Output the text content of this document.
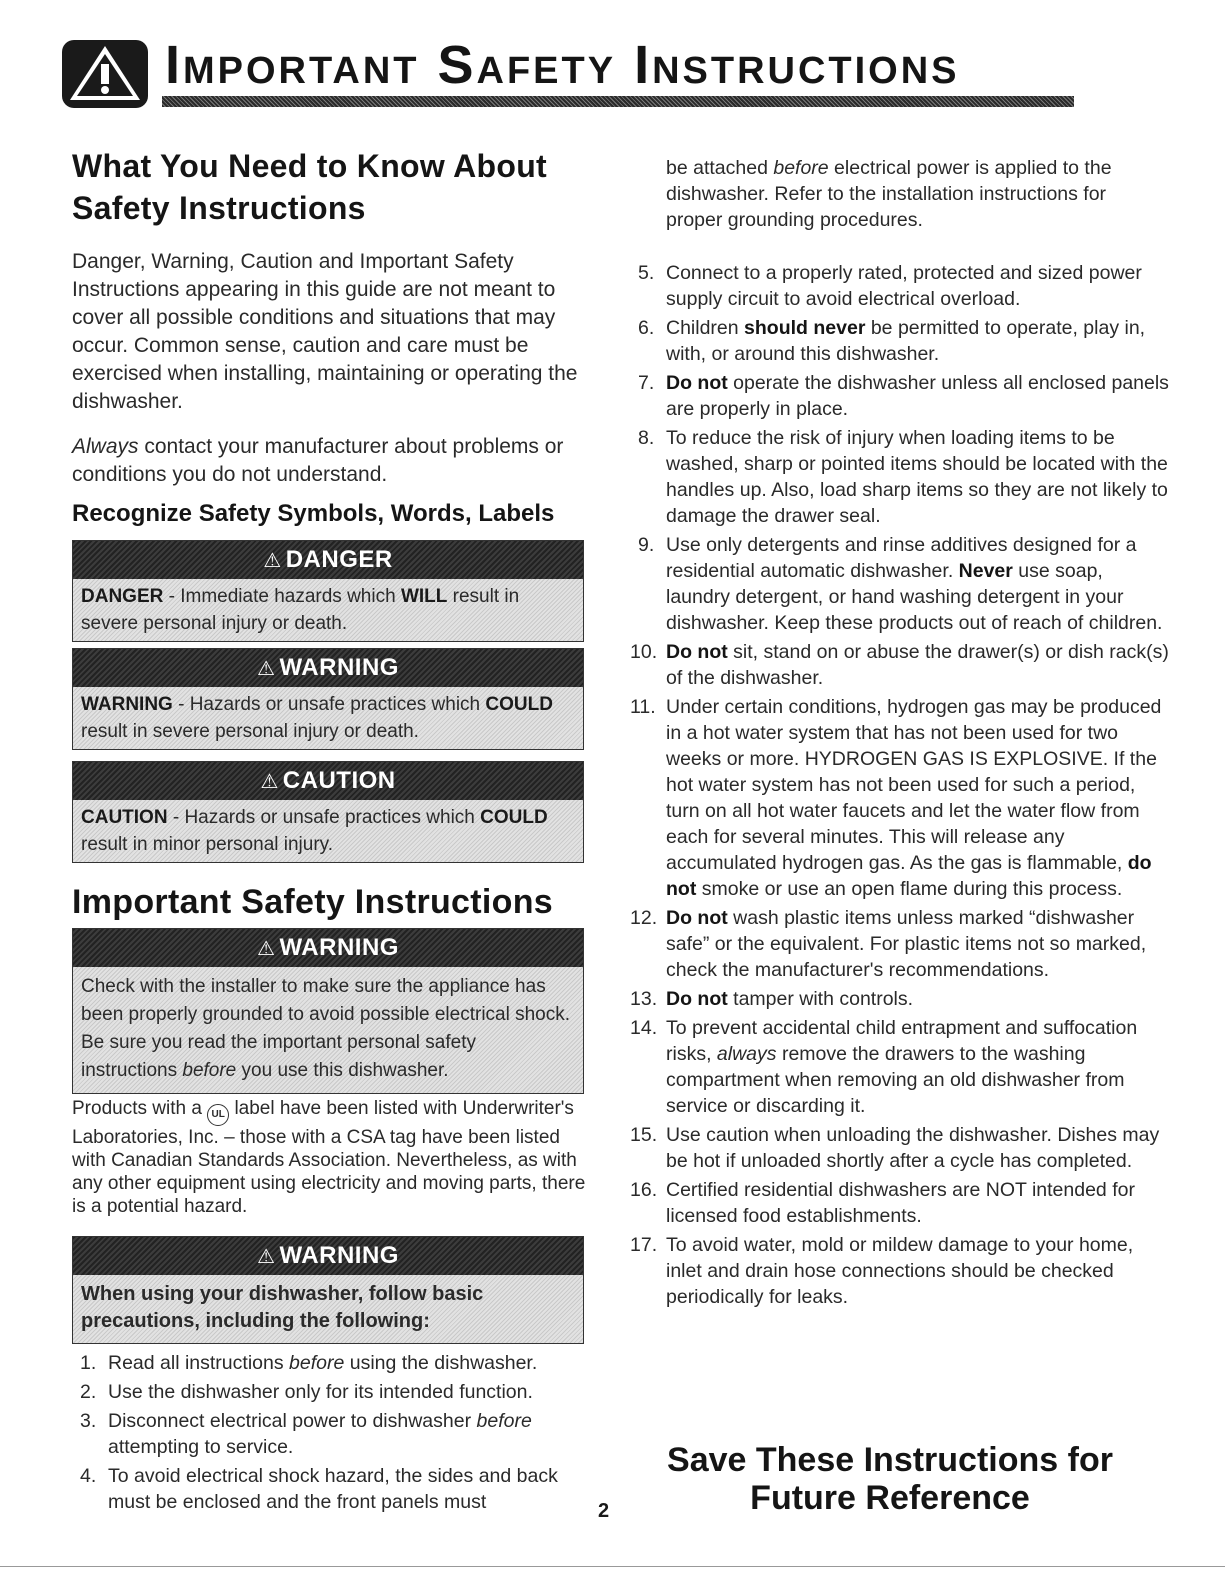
Important Safety Instructions
What You Need to Know About Safety Instructions
Danger, Warning, Caution and Important Safety Instructions appearing in this guide are not meant to cover all possible conditions and situations that may occur. Common sense, caution and care must be exercised when installing, maintaining or operating the dishwasher.
Always contact your manufacturer about problems or conditions you do not understand.
Recognize Safety Symbols, Words, Labels
⚠ DANGER
DANGER - Immediate hazards which WILL result in severe personal injury or death.
⚠ WARNING
WARNING - Hazards or unsafe practices which COULD result in severe personal injury or death.
⚠ CAUTION
CAUTION - Hazards or unsafe practices which COULD result in minor personal injury.
Important Safety Instructions
⚠ WARNING
Check with the installer to make sure the appliance has been properly grounded to avoid possible electrical shock. Be sure you read the important personal safety instructions before you use this dishwasher.
Products with a UL label have been listed with Underwriter's Laboratories, Inc. – those with a CSA tag have been listed with Canadian Standards Association. Nevertheless, as with any other equipment using electricity and moving parts, there is a potential hazard.
⚠ WARNING
When using your dishwasher, follow basic precautions, including the following:
1. Read all instructions before using the dishwasher.
2. Use the dishwasher only for its intended function.
3. Disconnect electrical power to dishwasher before attempting to service.
4. To avoid electrical shock hazard, the sides and back must be enclosed and the front panels must
be attached before electrical power is applied to the dishwasher. Refer to the installation instructions for proper grounding procedures.
5. Connect to a properly rated, protected and sized power supply circuit to avoid electrical overload.
6. Children should never be permitted to operate, play in, with, or around this dishwasher.
7. Do not operate the dishwasher unless all enclosed panels are properly in place.
8. To reduce the risk of injury when loading items to be washed, sharp or pointed items should be located with the handles up. Also, load sharp items so they are not likely to damage the drawer seal.
9. Use only detergents and rinse additives designed for a residential automatic dishwasher. Never use soap, laundry detergent, or hand washing detergent in your dishwasher. Keep these products out of reach of children.
10. Do not sit, stand on or abuse the drawer(s) or dish rack(s) of the dishwasher.
11. Under certain conditions, hydrogen gas may be produced in a hot water system that has not been used for two weeks or more. HYDROGEN GAS IS EXPLOSIVE. If the hot water system has not been used for such a period, turn on all hot water faucets and let the water flow from each for several minutes. This will release any accumulated hydrogen gas. As the gas is flammable, do not smoke or use an open flame during this process.
12. Do not wash plastic items unless marked “dishwasher safe” or the equivalent. For plastic items not so marked, check the manufacturer's recommendations.
13. Do not tamper with controls.
14. To prevent accidental child entrapment and suffocation risks, always remove the drawers to the washing compartment when removing an old dishwasher from service or discarding it.
15. Use caution when unloading the dishwasher. Dishes may be hot if unloaded shortly after a cycle has completed.
16. Certified residential dishwashers are NOT intended for licensed food establishments.
17. To avoid water, mold or mildew damage to your home, inlet and drain hose connections should be checked periodically for leaks.
Save These Instructions for
Future Reference
2
